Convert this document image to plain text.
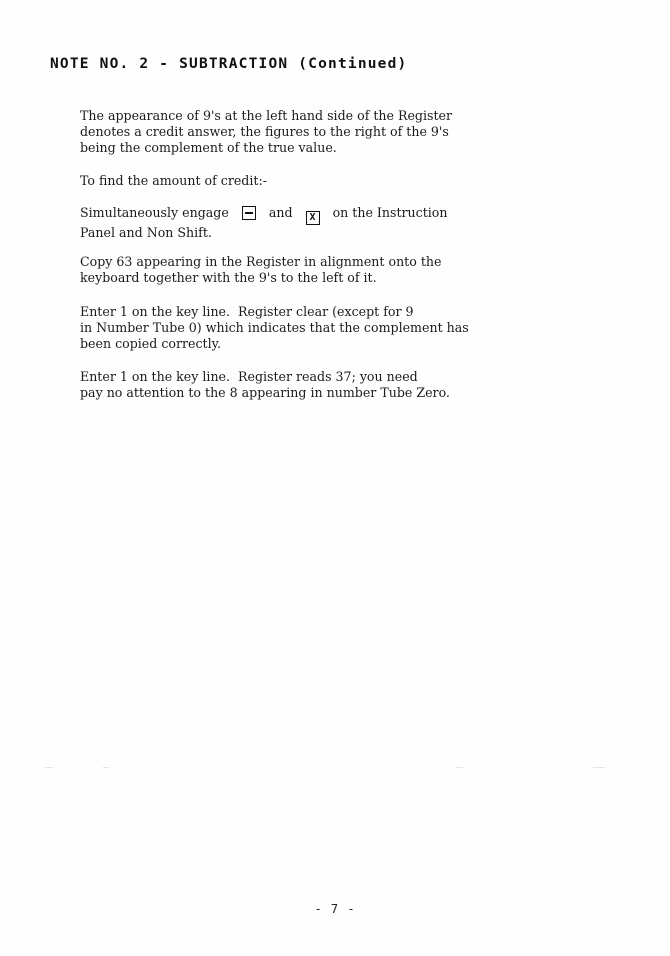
NOTE NO. 2 - SUBTRACTION (Continued)
The appearance of 9's at the left hand side of the Register
denotes a credit answer, the figures to the right of the 9's
being the complement of the true value.
To find the amount of credit:-
Simultaneously engage	and X on the Instruction
Panel and Non Shift.
Copy 63 appearing in the Register in alignment onto the
keyboard together with the 9's to the left of it.
Enter 1 on the key line.  Register clear (except for 9
in Number Tube 0) which indicates that the complement has
been copied correctly.
Enter 1 on the key line.  Register reads 37; you need
pay no attention to the 8 appearing in number Tube Zero.
- 7 -
